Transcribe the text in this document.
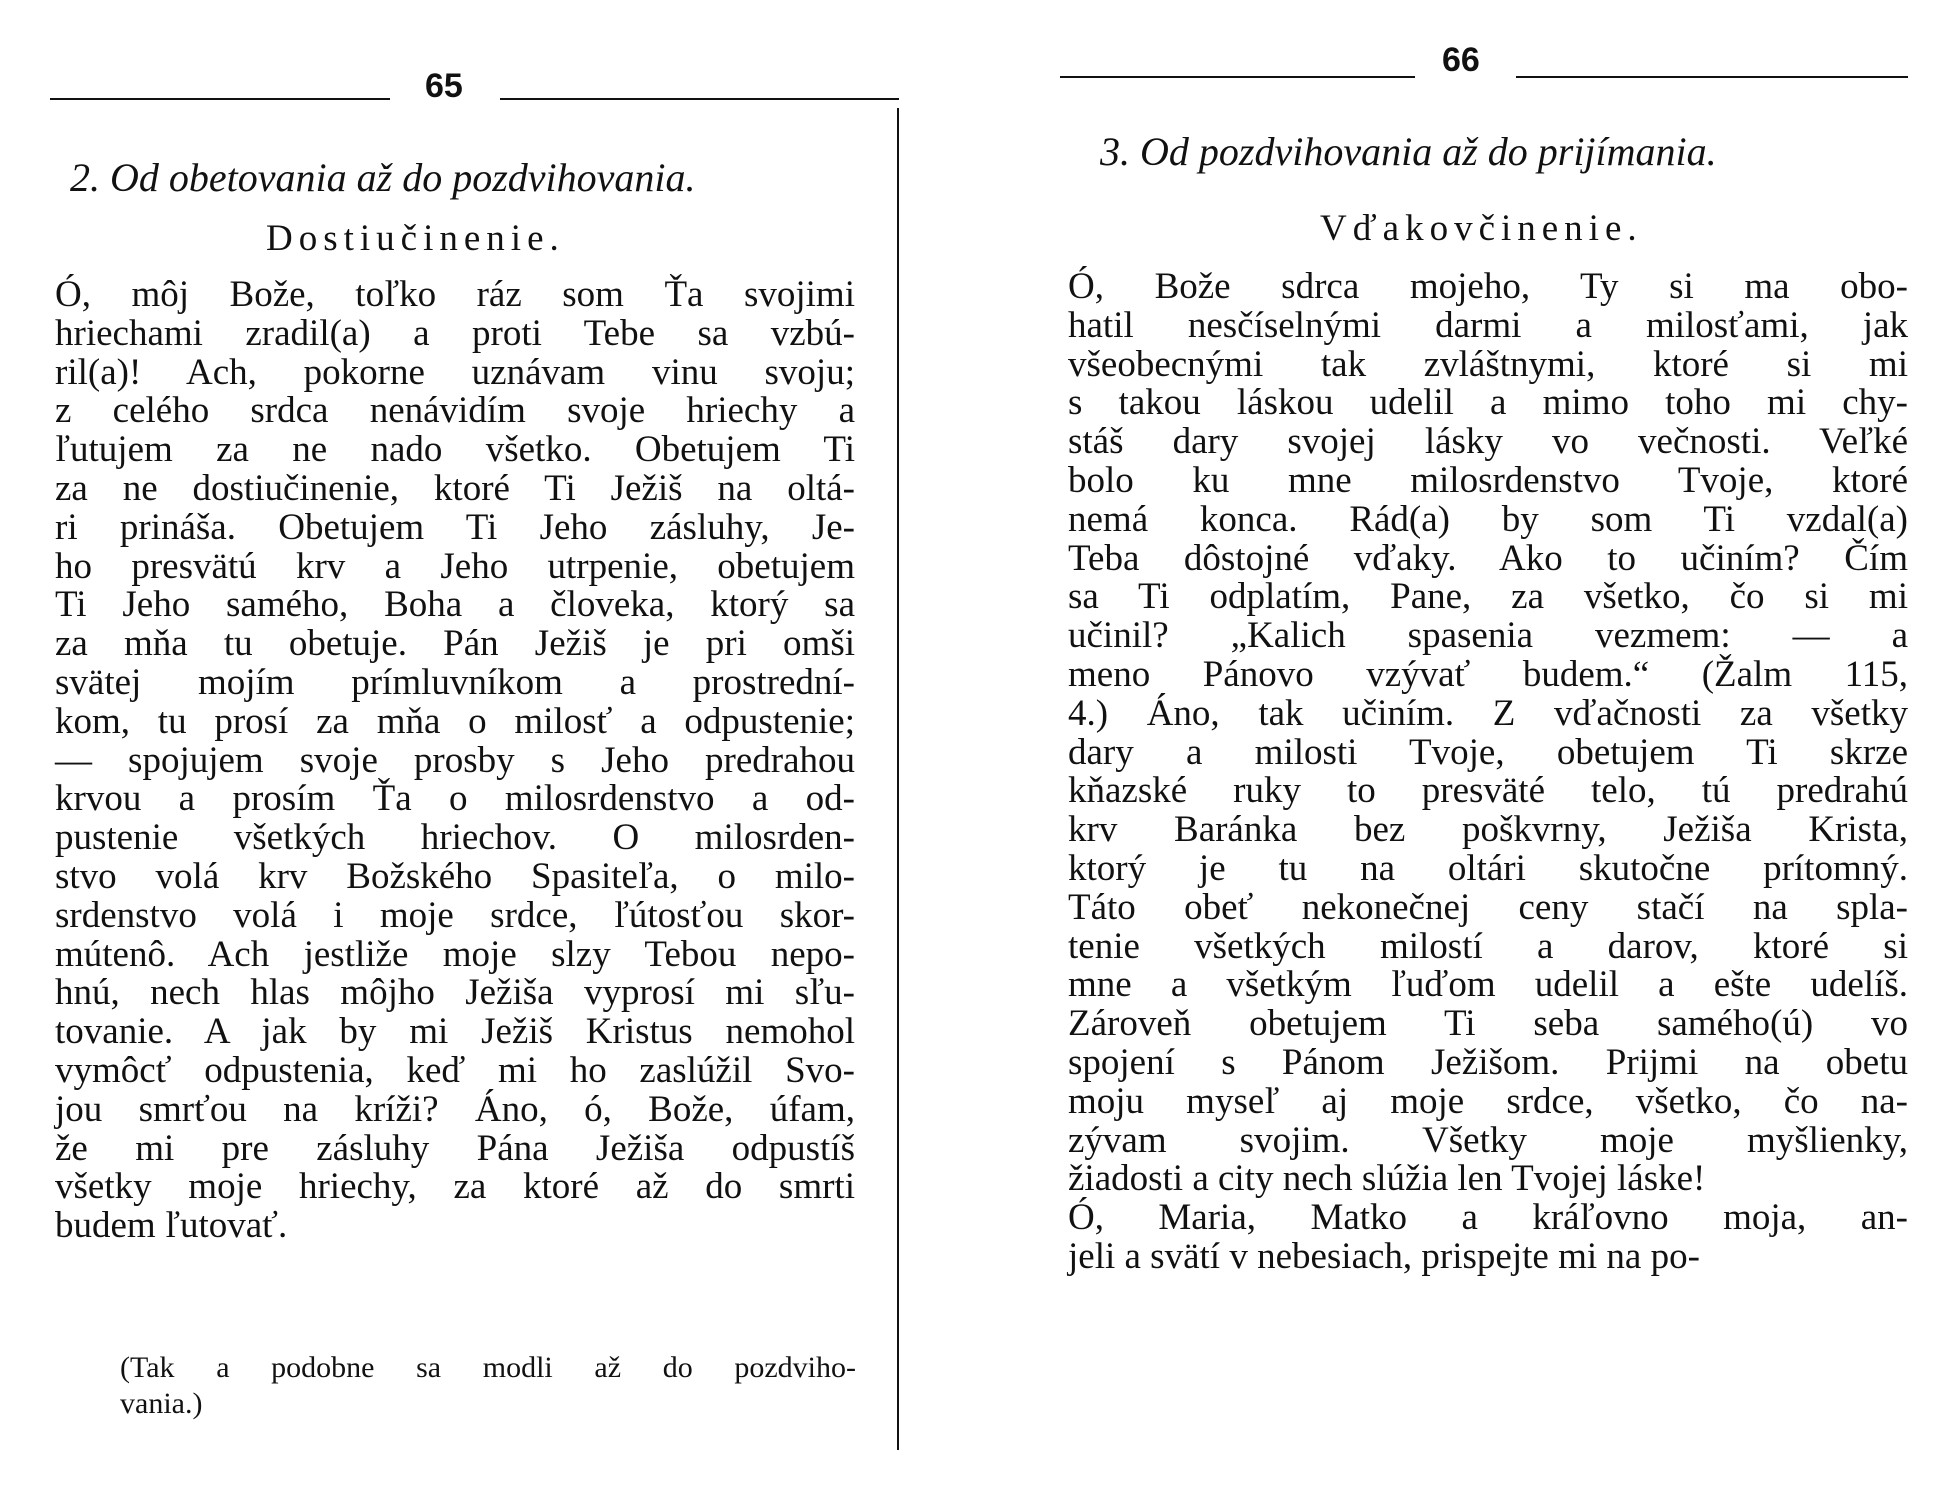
65
2. Od obetovania až do pozdvihovania.
Dostiučinenie.
Ó, môj Bože, toľko ráz som Ťa svojimi
hriechami zradil(a) a proti Tebe sa vzbú-
ril(a)! Ach, pokorne uznávam vinu svoju;
z celého srdca nenávidím svoje hriechy a
ľutujem za ne nado všetko. Obetujem Ti
za ne dostiučinenie, ktoré Ti Ježiš na oltá-
ri prináša. Obetujem Ti Jeho zásluhy, Je-
ho presvätú krv a Jeho utrpenie, obetujem
Ti Jeho samého, Boha a človeka, ktorý sa
za mňa tu obetuje. Pán Ježiš je pri omši
svätej mojím prímluvníkom a prostrední-
kom, tu prosí za mňa o milosť a odpustenie;
— spojujem svoje prosby s Jeho predrahou
krvou a prosím Ťa o milosrdenstvo a od-
pustenie všetkých hriechov. O milosrden-
stvo volá krv Božského Spasiteľa, o milo-
srdenstvo volá i moje srdce, ľútosťou skor-
mútenô. Ach jestliže moje slzy Tebou nepo-
hnú, nech hlas môjho Ježiša vyprosí mi sľu-
tovanie. A jak by mi Ježiš Kristus nemohol
vymôcť odpustenia, keď mi ho zaslúžil Svo-
jou smrťou na kríži? Áno, ó, Bože, úfam,
že mi pre zásluhy Pána Ježiša odpustíš
všetky moje hriechy, za ktoré až do smrti
budem ľutovať.
(Tak a podobne sa modli až do pozdviho-
vania.)
66
3. Od pozdvihovania až do prijímania.
Vďakovčinenie.
Ó, Bože sdrca mojeho, Ty si ma obo-
hatil nesčíselnými darmi a milosťami, jak
všeobecnými tak zvláštnymi, ktoré si mi
s takou láskou udelil a mimo toho mi chy-
stáš dary svojej lásky vo večnosti. Veľké
bolo ku mne milosrdenstvo Tvoje, ktoré
nemá konca. Rád(a) by som Ti vzdal(a)
Teba dôstojné vďaky. Ako to učiním? Čím
sa Ti odplatím, Pane, za všetko, čo si mi
učinil? „Kalich spasenia vezmem: — a
meno Pánovo vzývať budem.“ (Žalm 115,
4.) Áno, tak učiním. Z vďačnosti za všetky
dary a milosti Tvoje, obetujem Ti skrze
kňazské ruky to presväté telo, tú predrahú
krv Baránka bez poškvrny, Ježiša Krista,
ktorý je tu na oltári skutočne prítomný.
Táto obeť nekonečnej ceny stačí na spla-
tenie všetkých milostí a darov, ktoré si
mne a všetkým ľuďom udelil a ešte udelíš.
Zároveň obetujem Ti seba samého(ú) vo
spojení s Pánom Ježišom. Prijmi na obetu
moju myseľ aj moje srdce, všetko, čo na-
zývam svojim. Všetky moje myšlienky,
žiadosti a city nech slúžia len Tvojej láske!
Ó, Maria, Matko a kráľovno moja, an-
jeli a svätí v nebesiach, prispejte mi na po-
